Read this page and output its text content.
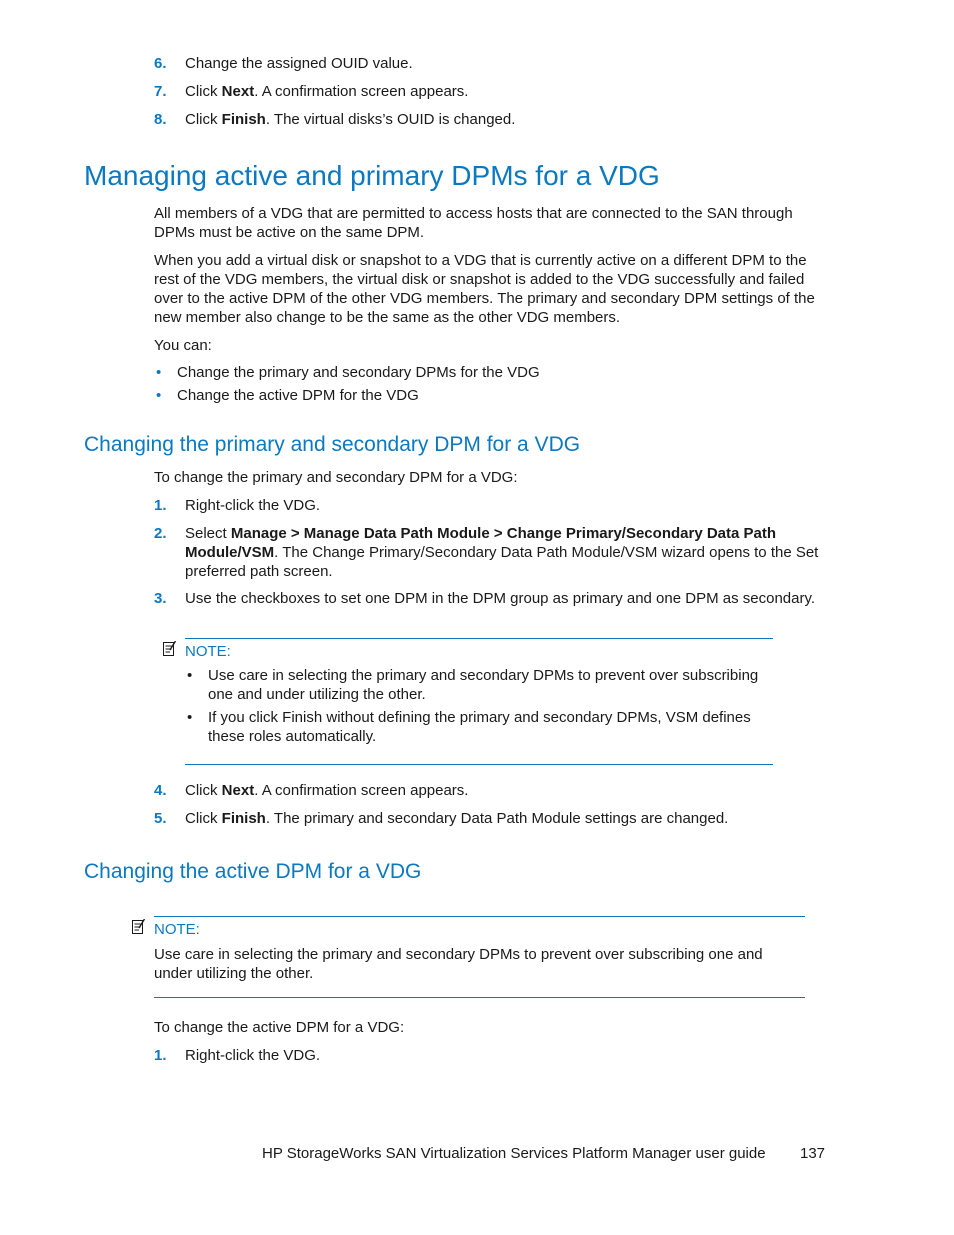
6. Change the assigned OUID value.
7. Click Next. A confirmation screen appears.
8. Click Finish. The virtual disks’s OUID is changed.
Managing active and primary DPMs for a VDG
All members of a VDG that are permitted to access hosts that are connected to the SAN through DPMs must be active on the same DPM.
When you add a virtual disk or snapshot to a VDG that is currently active on a different DPM to the rest of the VDG members, the virtual disk or snapshot is added to the VDG successfully and failed over to the active DPM of the other VDG members. The primary and secondary DPM settings of the new member also change to be the same as the other VDG members.
You can:
• Change the primary and secondary DPMs for the VDG
• Change the active DPM for the VDG
Changing the primary and secondary DPM for a VDG
To change the primary and secondary DPM for a VDG:
1. Right-click the VDG.
2. Select Manage > Manage Data Path Module > Change Primary/Secondary Data Path Module/VSM. The Change Primary/Secondary Data Path Module/VSM wizard opens to the Set preferred path screen.
3. Use the checkboxes to set one DPM in the DPM group as primary and one DPM as secondary.
NOTE:
• Use care in selecting the primary and secondary DPMs to prevent over subscribing one and under utilizing the other.
• If you click Finish without defining the primary and secondary DPMs, VSM defines these roles automatically.
4. Click Next. A confirmation screen appears.
5. Click Finish. The primary and secondary Data Path Module settings are changed.
Changing the active DPM for a VDG
NOTE:
Use care in selecting the primary and secondary DPMs to prevent over subscribing one and under utilizing the other.
To change the active DPM for a VDG:
1. Right-click the VDG.
HP StorageWorks SAN Virtualization Services Platform Manager user guide 137
